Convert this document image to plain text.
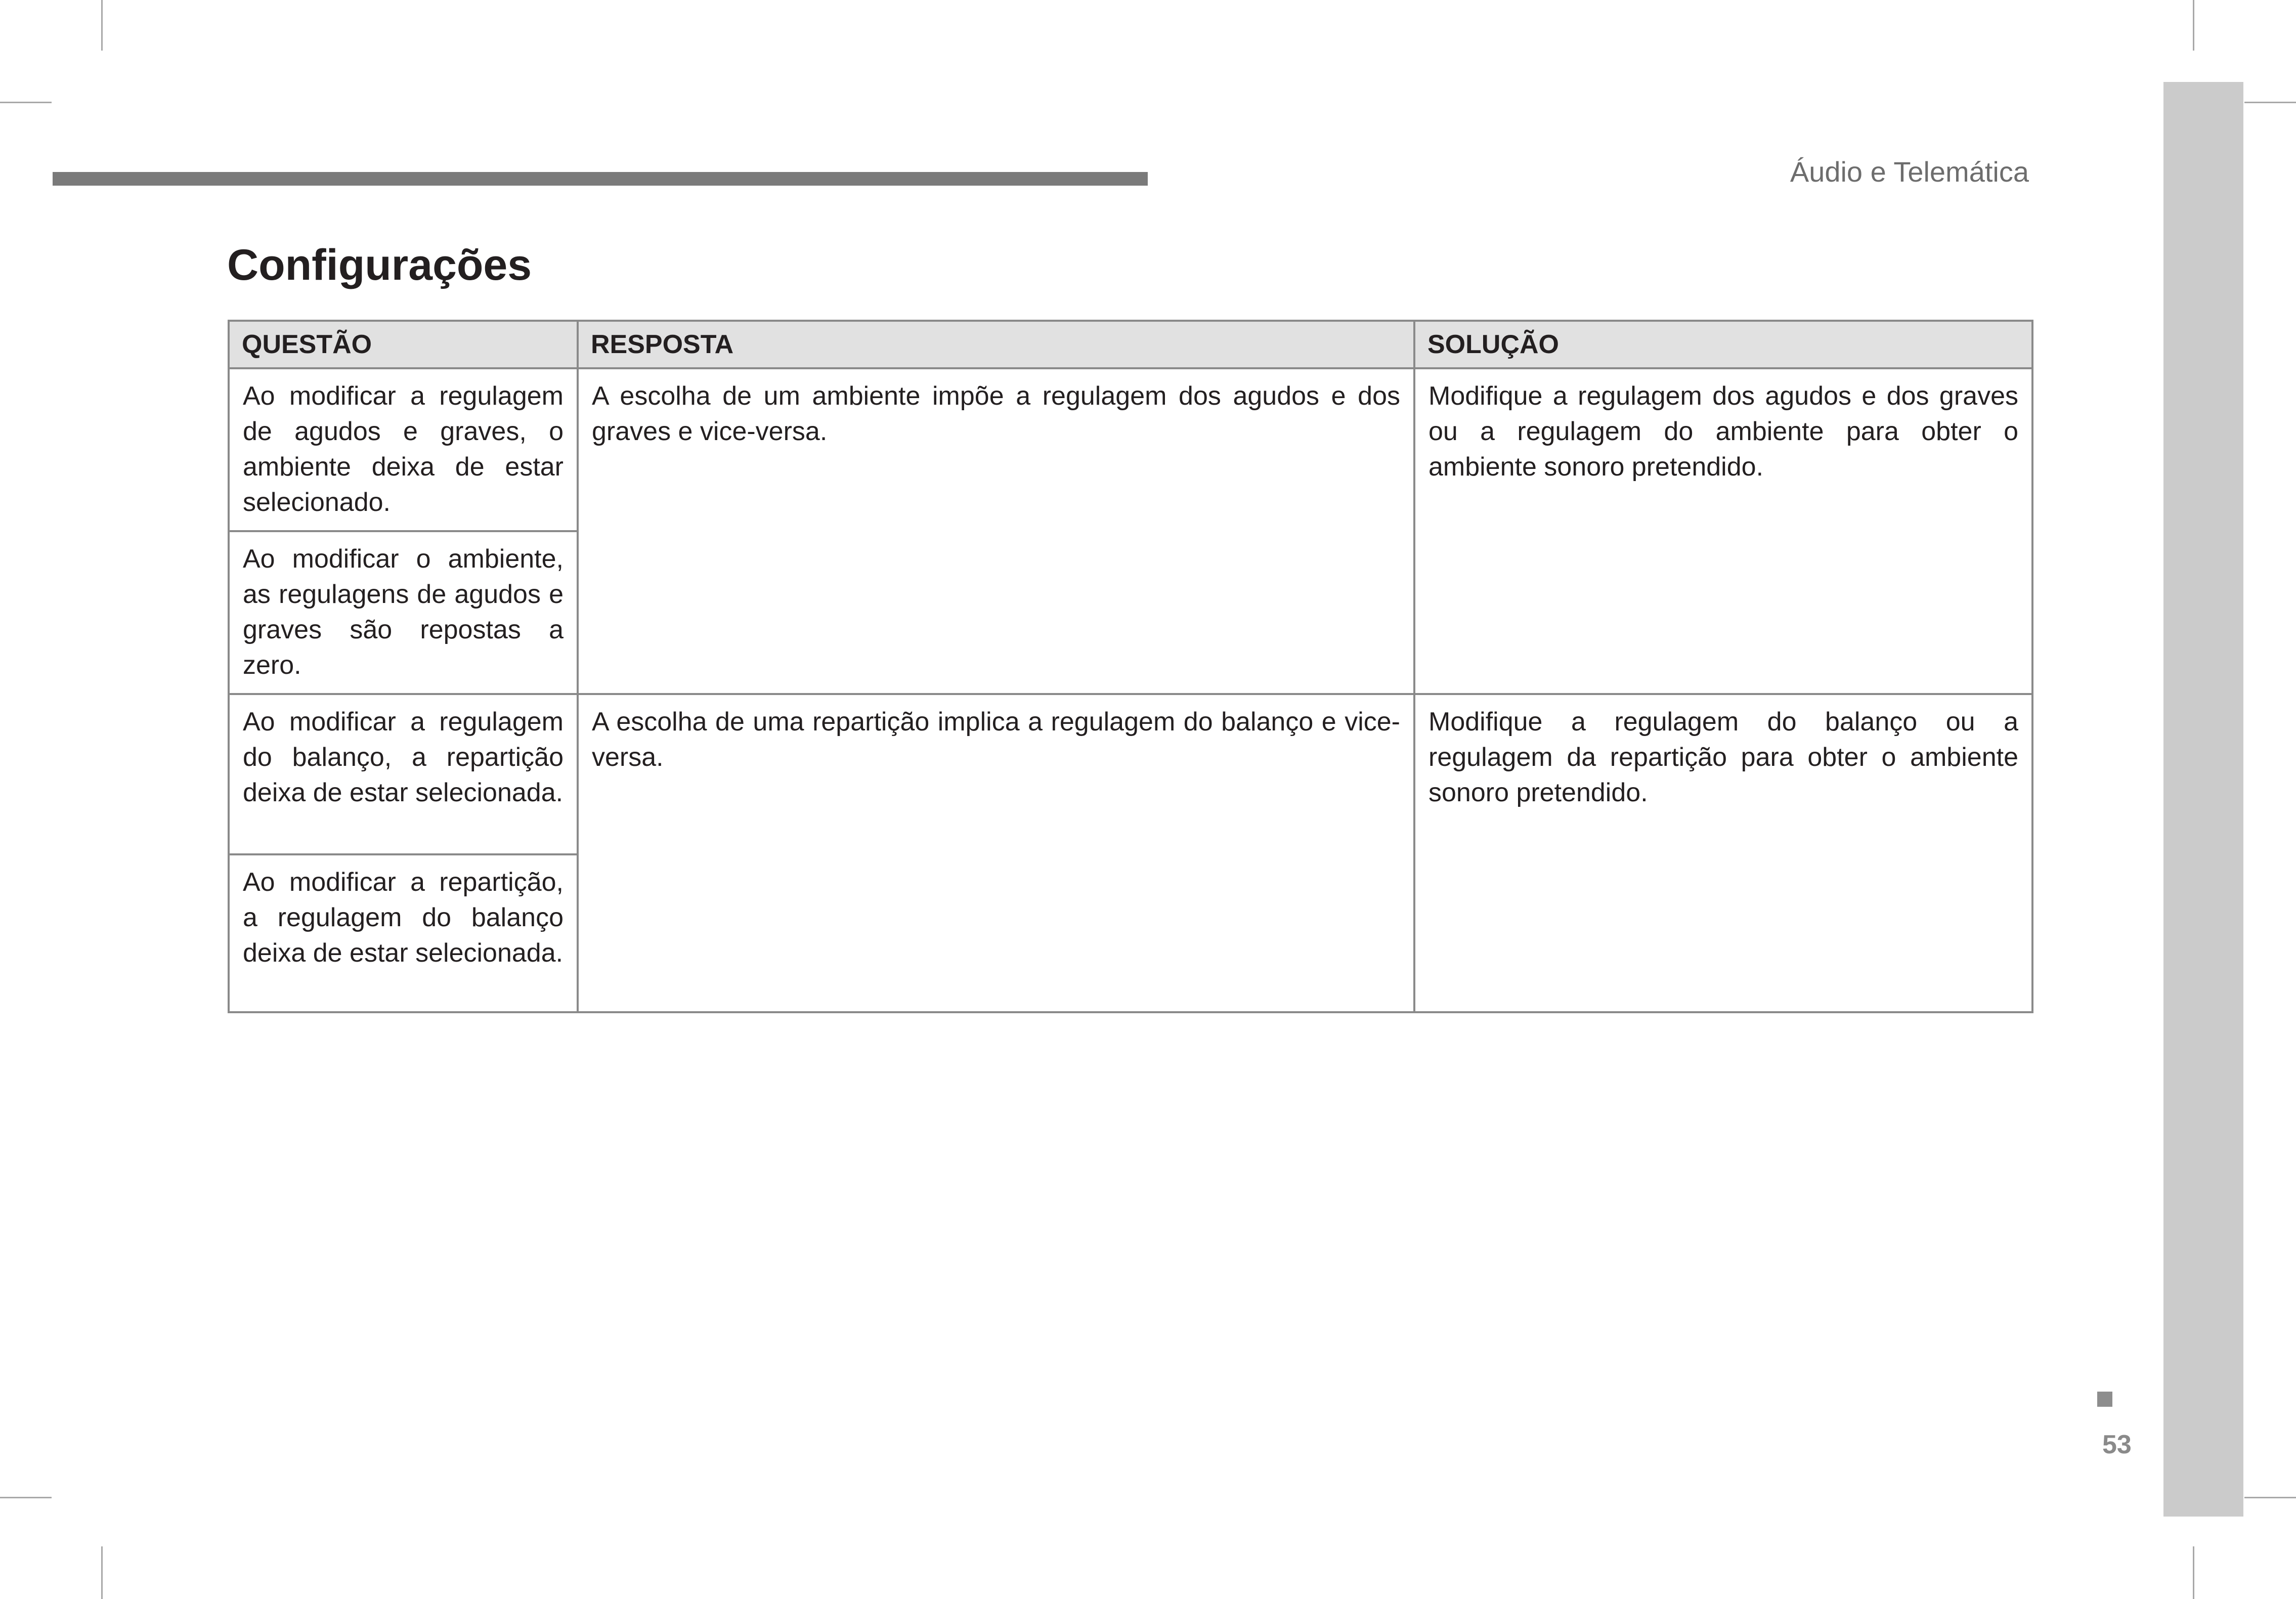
Áudio e Telemática
Configurações
QUESTÃO	RESPOSTA	SOLUÇÃO
Ao modificar a regulagem de agudos e graves, o ambiente deixa de estar selecionado.	A escolha de um ambiente impõe a regulagem dos agudos e dos graves e vice-versa.	Modifique a regulagem dos agudos e dos graves ou a regulagem do ambiente para obter o ambiente sonoro pretendido.
Ao modificar o ambiente, as regulagens de agudos e graves são repostas a zero.		
Ao modificar a regulagem do balanço, a repartição deixa de estar selecionada.	A escolha de uma repartição implica a regulagem do balanço e vice-versa.	Modifique a regulagem do balanço ou a regulagem da repartição para obter o ambiente sonoro pretendido.
Ao modificar a repartição, a regulagem do balanço deixa de estar selecionada.		
53
